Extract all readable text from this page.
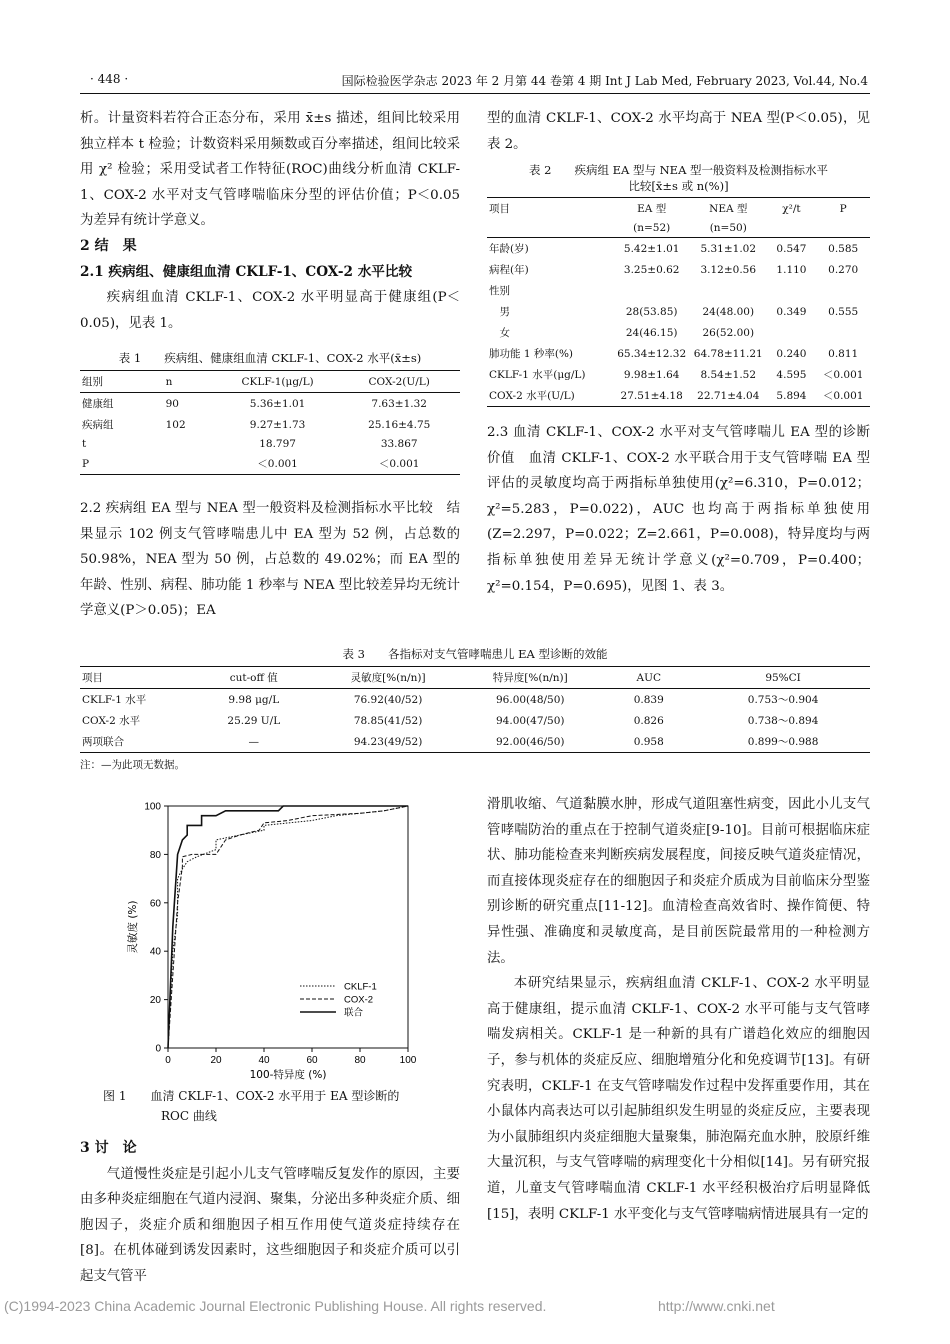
· 448 ·	国际检验医学杂志 2023 年 2 月第 44 卷第 4 期 Int J Lab Med, February 2023, Vol.44, No.4

析。计量资料若符合正态分布，采用 x̄±s 描述，组间比较采用独立样本 t 检验；计数资料采用频数或百分率描述，组间比较采用 χ² 检验；采用受试者工作特征(ROC)曲线分析血清 CKLF-1、COX-2 水平对支气管哮喘临床分型的评估价值；P＜0.05 为差异有统计学意义。

2 结　果

2.1 疾病组、健康组血清 CKLF-1、COX-2 水平比较

疾病组血清 CKLF-1、COX-2 水平明显高于健康组(P＜0.05)，见表 1。

表 1　　疾病组、健康组血清 CKLF-1、COX-2 水平(x̄±s)
组别	n	CKLF-1(μg/L)	COX-2(U/L)
健康组	90	5.36±1.01	7.63±1.32
疾病组	102	9.27±1.73	25.16±4.75
t		18.797	33.867
P		＜0.001	＜0.001

2.2 疾病组 EA 型与 NEA 型一般资料及检测指标水平比较　结果显示 102 例支气管哮喘患儿中 EA 型为 52 例，占总数的 50.98%，NEA 型为 50 例，占总数的 49.02%；而 EA 型的年龄、性别、病程、肺功能 1 秒率与 NEA 型比较差异均无统计学意义(P＞0.05)；EA

型的血清 CKLF-1、COX-2 水平均高于 NEA 型(P＜0.05)，见表 2。

表 2　　疾病组 EA 型与 NEA 型一般资料及检测指标水平
比较[x̄±s 或 n(%)]
项目	EA 型	NEA 型	χ²/t	P
	(n=52)	(n=50)		
年龄(岁)	5.42±1.01	5.31±1.02	0.547	0.585
病程(年)	3.25±0.62	3.12±0.56	1.110	0.270
性别				
　男	28(53.85)	24(48.00)	0.349	0.555
　女	24(46.15)	26(52.00)		
肺功能 1 秒率(%)	65.34±12.32	64.78±11.21	0.240	0.811
CKLF-1 水平(μg/L)	9.98±1.64	8.54±1.52	4.595	＜0.001
COX-2 水平(U/L)	27.51±4.18	22.71±4.04	5.894	＜0.001

2.3 血清 CKLF-1、COX-2 水平对支气管哮喘儿 EA 型的诊断价值　血清 CKLF-1、COX-2 水平联合用于支气管哮喘 EA 型评估的灵敏度均高于两指标单独使用(χ²=6.310，P=0.012；χ²=5.283，P=0.022)，AUC 也均高于两指标单独使用(Z=2.297，P=0.022；Z=2.661，P=0.008)，特异度均与两指标单独使用差异无统计学意义(χ²=0.709，P=0.400；χ²=0.154，P=0.695)，见图 1、表 3。

表 3　　各指标对支气管哮喘患儿 EA 型诊断的效能
项目	cut-off 值	灵敏度[%(n/n)]	特异度[%(n/n)]	AUC	95%CI
CKLF-1 水平	9.98 μg/L	76.92(40/52)	96.00(48/50)	0.839	0.753～0.904
COX-2 水平	25.29 U/L	78.85(41/52)	94.00(47/50)	0.826	0.738～0.894
两项联合	—	94.23(49/52)	92.00(46/50)	0.958	0.899～0.988
注：—为此项无数据。
0	20	40	60	80	100
0
20
40
60
80
100
100-特异度 (%)
灵敏度 (%)
CKLF-1
COX-2
联合
图 1　　血清 CKLF-1、COX-2 水平用于 EA 型诊断的
ROC 曲线

3 讨　论

气道慢性炎症是引起小儿支气管哮喘反复发作的原因，主要由多种炎症细胞在气道内浸润、聚集，分泌出多种炎症介质、细胞因子，炎症介质和细胞因子相互作用使气道炎症持续存在[8]。在机体碰到诱发因素时，这些细胞因子和炎症介质可以引起支气管平

滑肌收缩、气道黏膜水肿，形成气道阻塞性病变，因此小儿支气管哮喘防治的重点在于控制气道炎症[9-10]。目前可根据临床症状、肺功能检查来判断疾病发展程度，间接反映气道炎症情况，而直接体现炎症存在的细胞因子和炎症介质成为目前临床分型鉴别诊断的研究重点[11-12]。血清检查高效省时、操作简便、特异性强、准确度和灵敏度高，是目前医院最常用的一种检测方法。

本研究结果显示，疾病组血清 CKLF-1、COX-2 水平明显高于健康组，提示血清 CKLF-1、COX-2 水平可能与支气管哮喘发病相关。CKLF-1 是一种新的具有广谱趋化效应的细胞因子，参与机体的炎症反应、细胞增殖分化和免疫调节[13]。有研究表明，CKLF-1 在支气管哮喘发作过程中发挥重要作用，其在小鼠体内高表达可以引起肺组织发生明显的炎症反应，主要表现为小鼠肺组织内炎症细胞大量聚集，肺泡隔充血水肿，胶原纤维大量沉积，与支气管哮喘的病理变化十分相似[14]。另有研究报道，儿童支气管哮喘血清 CKLF-1 水平经积极治疗后明显降低[15]，表明 CKLF-1 水平变化与支气管哮喘病情进展具有一定的

(C)1994-2023 China Academic Journal Electronic Publishing House. All rights reserved.	http://www.cnki.net
